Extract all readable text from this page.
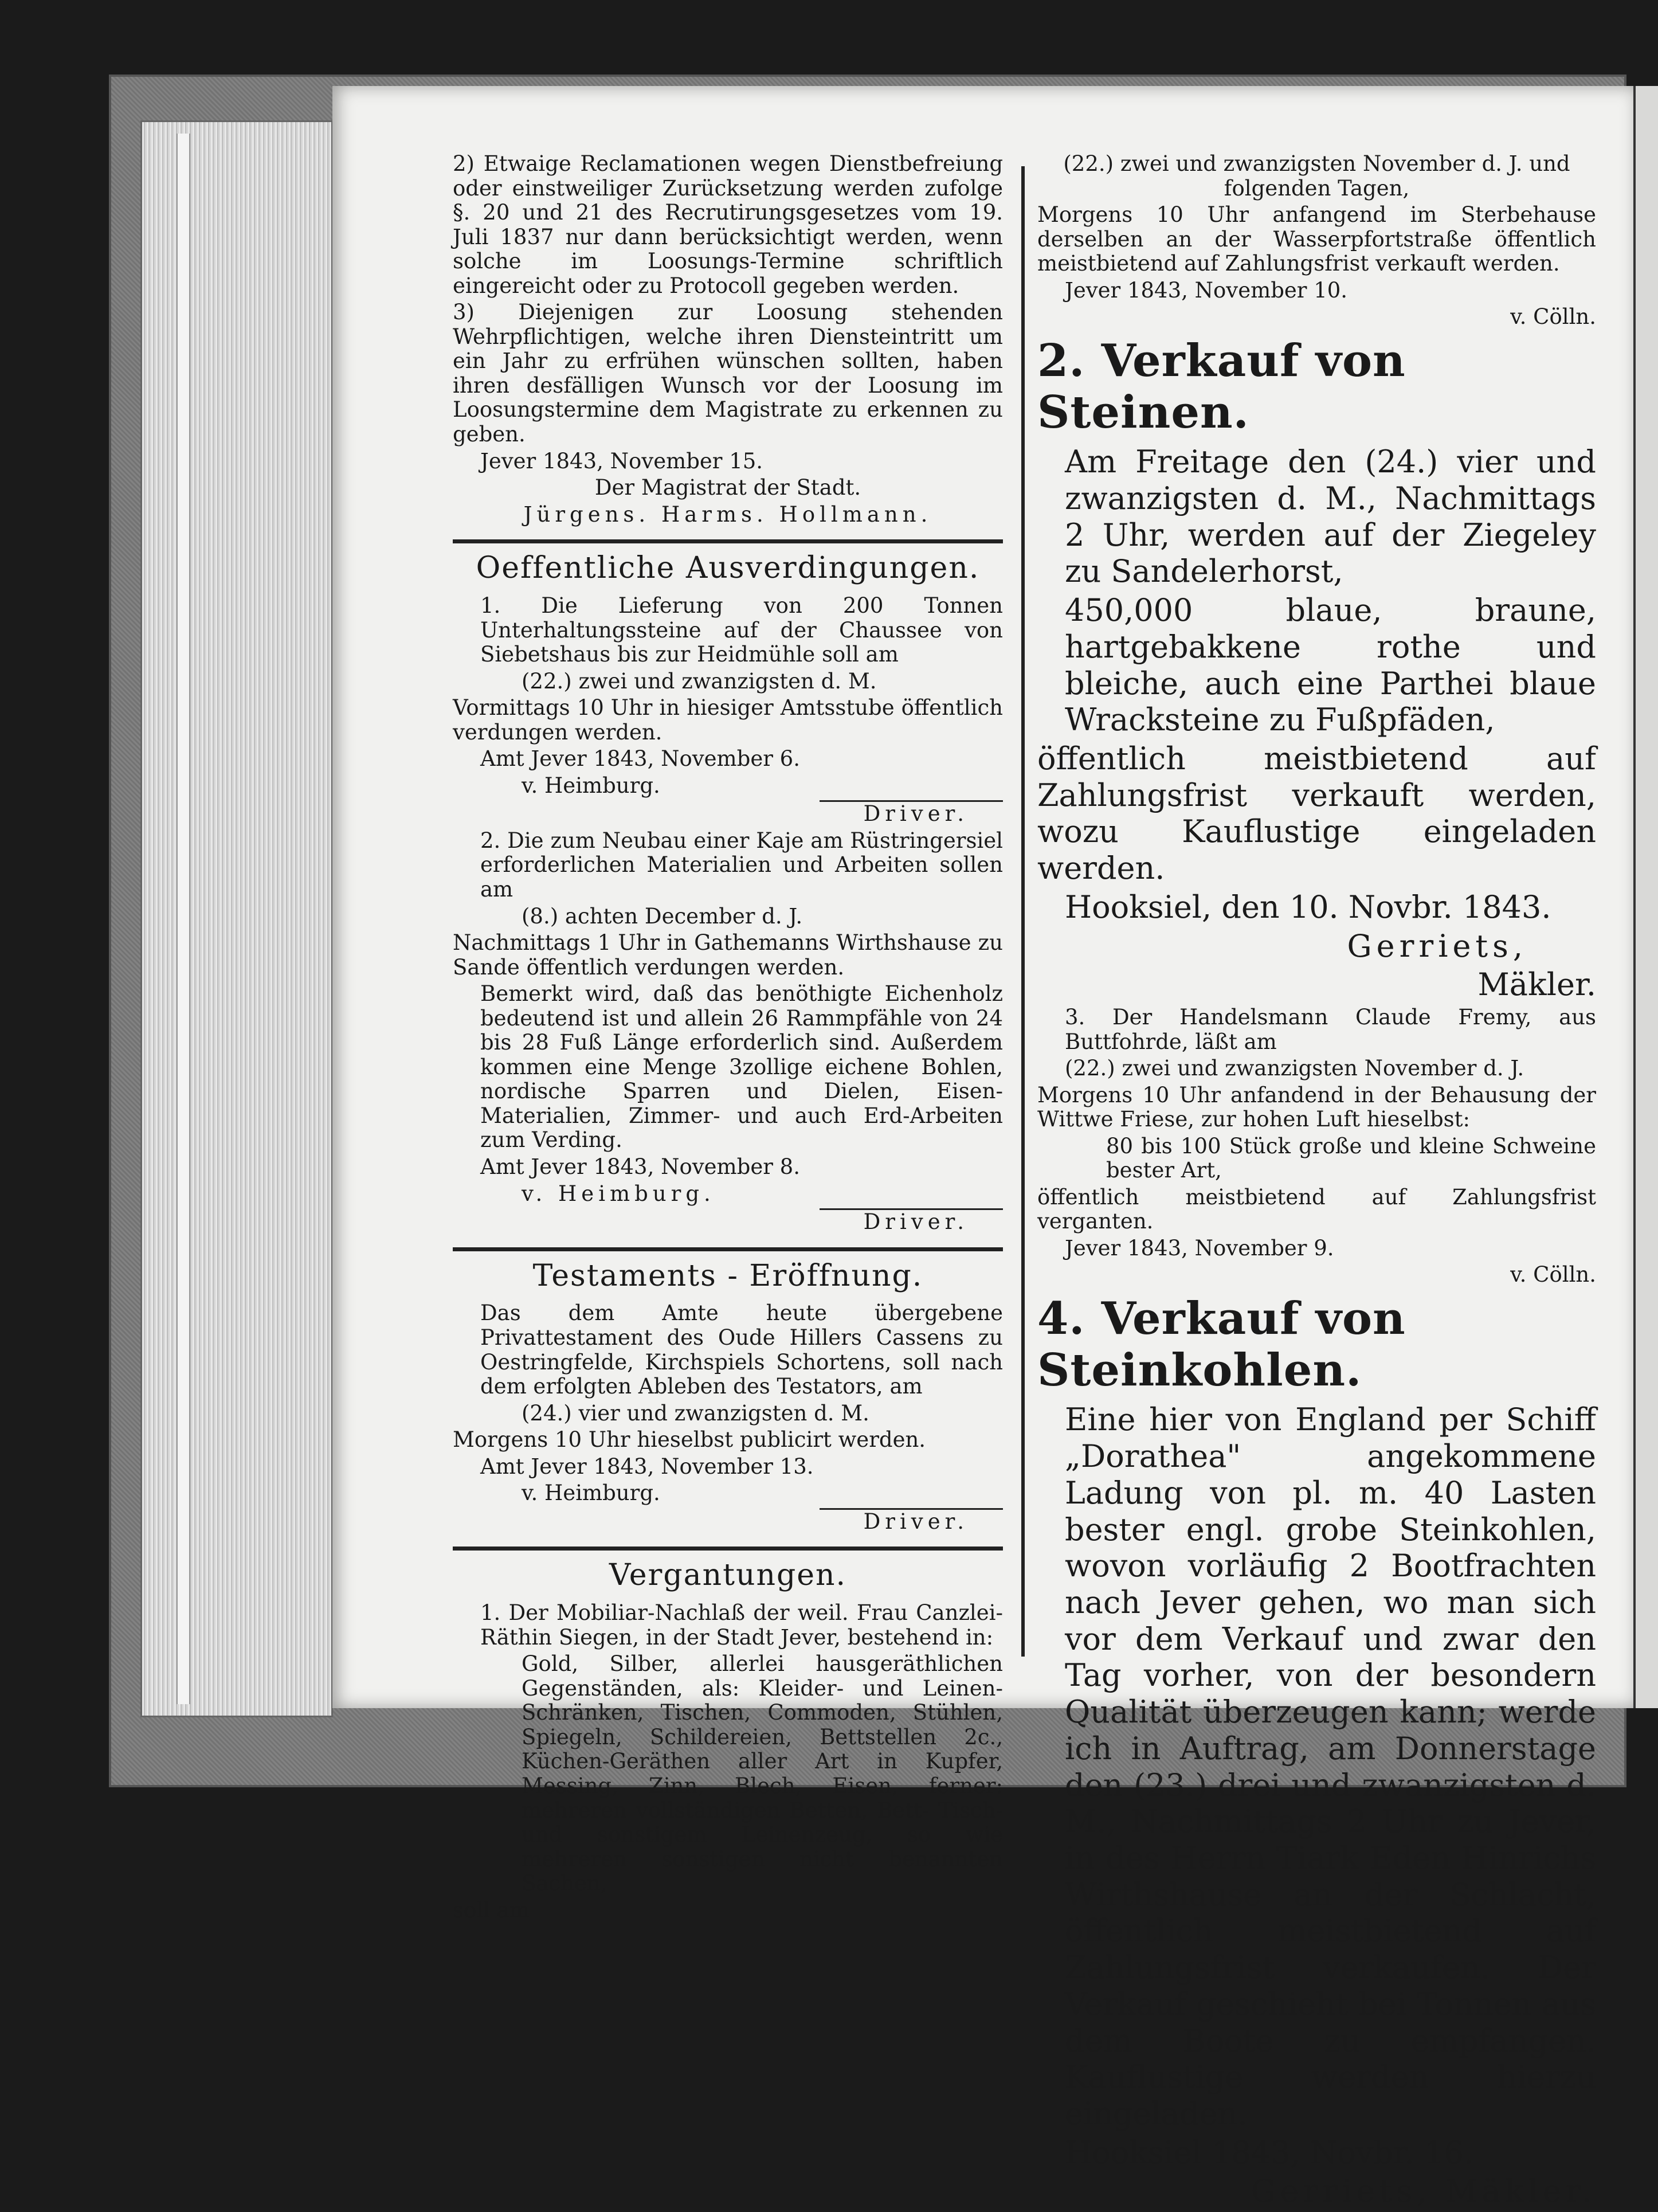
2) Etwaige Reclamationen wegen Dienstbefreiung oder einstweiliger Zurücksetzung werden zufolge §. 20 und 21 des Recrutirungsgesetzes vom 19. Juli 1837 nur dann berücksichtigt werden, wenn solche im Loosungs-Termine schriftlich eingereicht oder zu Protocoll gegeben werden.

3) Diejenigen zur Loosung stehenden Wehrpflichtigen, welche ihren Diensteintritt um ein Jahr zu erfrühen wünschen sollten, haben ihren desfälligen Wunsch vor der Loosung im Loosungstermine dem Magistrate zu erkennen zu geben.

Jever 1843, November 15.

Der Magistrat der Stadt.

Jürgens. Harms. Hollmann.

Oeffentliche Ausverdingungen.

1. Die Lieferung von 200 Tonnen Unterhaltungssteine auf der Chaussee von Siebetshaus bis zur Heidmühle soll am

(22.) zwei und zwanzigsten d. M.

Vormittags 10 Uhr in hiesiger Amtsstube öffentlich verdungen werden.

Amt Jever 1843, November 6.

v. Heimburg.

Driver.

2. Die zum Neubau einer Kaje am Rüstringersiel erforderlichen Materialien und Arbeiten sollen am

(8.) achten December d. J.

Nachmittags 1 Uhr in Gathemanns Wirthshause zu Sande öffentlich verdungen werden.

Bemerkt wird, daß das benöthigte Eichenholz bedeutend ist und allein 26 Rammpfähle von 24 bis 28 Fuß Länge erforderlich sind. Außerdem kommen eine Menge 3zollige eichene Bohlen, nordische Sparren und Dielen, Eisen-Materialien, Zimmer- und auch Erd-Arbeiten zum Verding.

Amt Jever 1843, November 8.

v. Heimburg.

Driver.

Testaments - Eröffnung.

Das dem Amte heute übergebene Privattestament des Oude Hillers Cassens zu Oestringfelde, Kirchspiels Schortens, soll nach dem erfolgten Ableben des Testators, am

(24.) vier und zwanzigsten d. M.

Morgens 10 Uhr hieselbst publicirt werden.

Amt Jever 1843, November 13.

v. Heimburg.

Driver.

Vergantungen.

1. Der Mobiliar-Nachlaß der weil. Frau Canzlei-Räthin Siegen, in der Stadt Jever, bestehend in:

Gold, Silber, allerlei hausgeräthlichen Gegenständen, als: Kleider- und Leinen-Schränken, Tischen, Commoden, Stühlen, Spiegeln, Schildereien, Bettstellen 2c., Küchen-Geräthen aller Art in Kupfer, Messing, Zinn, Blech, Eisen, ferner: mehreren vollständigen Betten, Bett- Tisch- und sonstigem Leinenzeug, so wie mehreren sonstigen nicht benannten Sachen,

soll am

(22.) zwei und zwanzigsten November d. J. und folgenden Tagen,

Morgens 10 Uhr anfangend im Sterbehause derselben an der Wasserpfortstraße öffentlich meistbietend auf Zahlungsfrist verkauft werden.

Jever 1843, November 10.

v. Cölln.

2. Verkauf von Steinen.

Am Freitage den (24.) vier und zwanzigsten d. M., Nachmittags 2 Uhr, werden auf der Ziegeley zu Sandelerhorst,

450,000 blaue, braune, hartgebakkene rothe und bleiche, auch eine Parthei blaue Wracksteine zu Fußpfäden,

öffentlich meistbietend auf Zahlungsfrist verkauft werden, wozu Kauflustige eingeladen werden.

Hooksiel, den 10. Novbr. 1843.

Gerriets,

Mäkler.

3. Der Handelsmann Claude Fremy, aus Buttfohrde, läßt am

(22.) zwei und zwanzigsten November d. J.

Morgens 10 Uhr anfandend in der Behausung der Wittwe Friese, zur hohen Luft hieselbst:

80 bis 100 Stück große und kleine Schweine bester Art,

öffentlich meistbietend auf Zahlungsfrist verganten.

Jever 1843, November 9.

v. Cölln.

4. Verkauf von Steinkohlen.

Eine hier von England per Schiff „Dorathea" angekommene Ladung von pl. m. 40 Lasten bester engl. grobe Steinkohlen, wovon vorläufig 2 Bootfrachten nach Jever gehen, wo man sich vor dem Verkauf und zwar den Tag vorher, von der besondern Qualität überzeugen kann; werde ich in Auftrag, am Donnerstage den (23.) drei und zwanzigsten d. M., Nachmittags 2 Uhr zu Jever, in des Herrn Tiark Eden Hinrichs Wirthshause an der Schlacht, öffentlich meistbietend auf Zahlungsfrist verkaufen. Der Verkauf geschieht bei Tonnen aus dem Boote zu empfangen. Kauflustige werden hierzu eingeladen.

Hooksiel 1843, Novbr. 16.

Gerriets, Mäkler.
